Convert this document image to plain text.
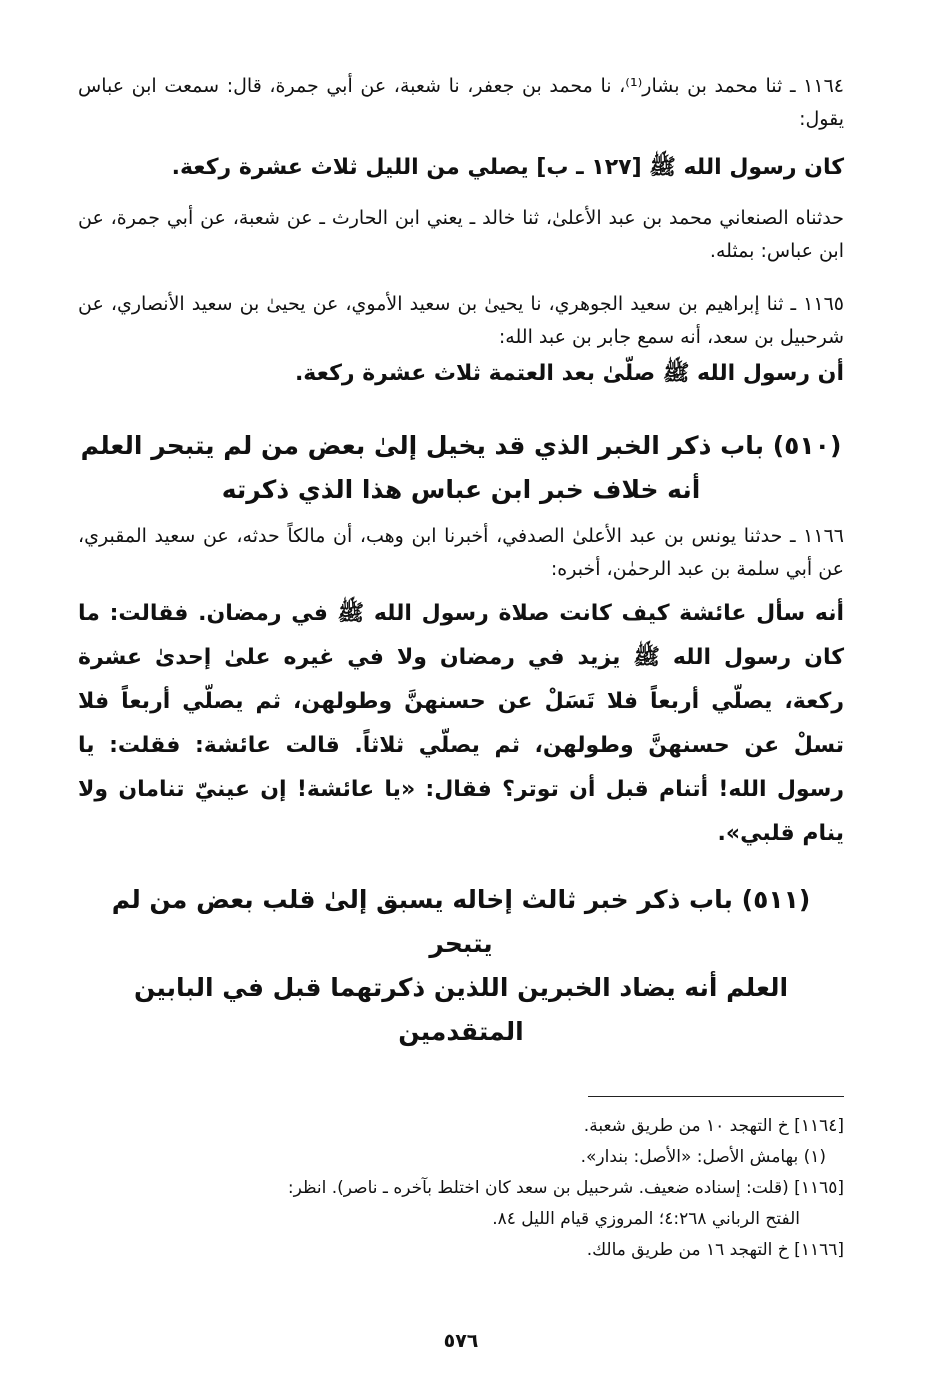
١١٦٤ ـ ثنا محمد بن بشار⁽¹⁾، نا محمد بن جعفر، نا شعبة، عن أبي جمرة، قال: سمعت ابن عباس يقول:

كان رسول الله ﷺ [١٢٧ ـ ب] يصلي من الليل ثلاث عشرة ركعة.

حدثناه الصنعاني محمد بن عبد الأعلىٰ، ثنا خالد ـ يعني ابن الحارث ـ عن شعبة، عن أبي جمرة، عن ابن عباس: بمثله.

١١٦٥ ـ ثنا إبراهيم بن سعيد الجوهري، نا يحيىٰ بن سعيد الأموي، عن يحيىٰ بن سعيد الأنصاري، عن شرحبيل بن سعد، أنه سمع جابر بن عبد الله:

أن رسول الله ﷺ صلّىٰ بعد العتمة ثلاث عشرة ركعة.

(٥١٠) باب ذكر الخبر الذي قد يخيل إلىٰ بعض من لم يتبحر العلم
أنه خلاف خبر ابن عباس هذا الذي ذكرته

١١٦٦ ـ حدثنا يونس بن عبد الأعلىٰ الصدفي، أخبرنا ابن وهب، أن مالكاً حدثه، عن سعيد المقبري، عن أبي سلمة بن عبد الرحمٰن، أخبره:

أنه سأل عائشة كيف كانت صلاة رسول الله ﷺ في رمضان. فقالت: ما كان رسول الله ﷺ يزيد في رمضان ولا في غيره علىٰ إحدىٰ عشرة ركعة، يصلّي أربعاً فلا تَسَلْ عن حسنهنَّ وطولهن، ثم يصلّي أربعاً فلا تسلْ عن حسنهنَّ وطولهن، ثم يصلّي ثلاثاً. قالت عائشة: فقلت: يا رسول الله! أتنام قبل أن توتر؟ فقال: «يا عائشة! إن عينيّ تنامان ولا ينام قلبي».

(٥١١) باب ذكر خبر ثالث إخاله يسبق إلىٰ قلب بعض من لم يتبحر
العلم أنه يضاد الخبرين اللذين ذكرتهما قبل في البابين المتقدمين

[١١٦٤] خ التهجد ١٠ من طريق شعبة.

(١) بهامش الأصل: «الأصل: بندار».

[١١٦٥] (قلت: إسناده ضعيف. شرحبيل بن سعد كان اختلط بآخره ـ ناصر). انظر:

الفتح الرباني ٤:٢٦٨؛ المروزي قيام الليل ٨٤.

[١١٦٦] خ التهجد ١٦ من طريق مالك.

٥٧٦
